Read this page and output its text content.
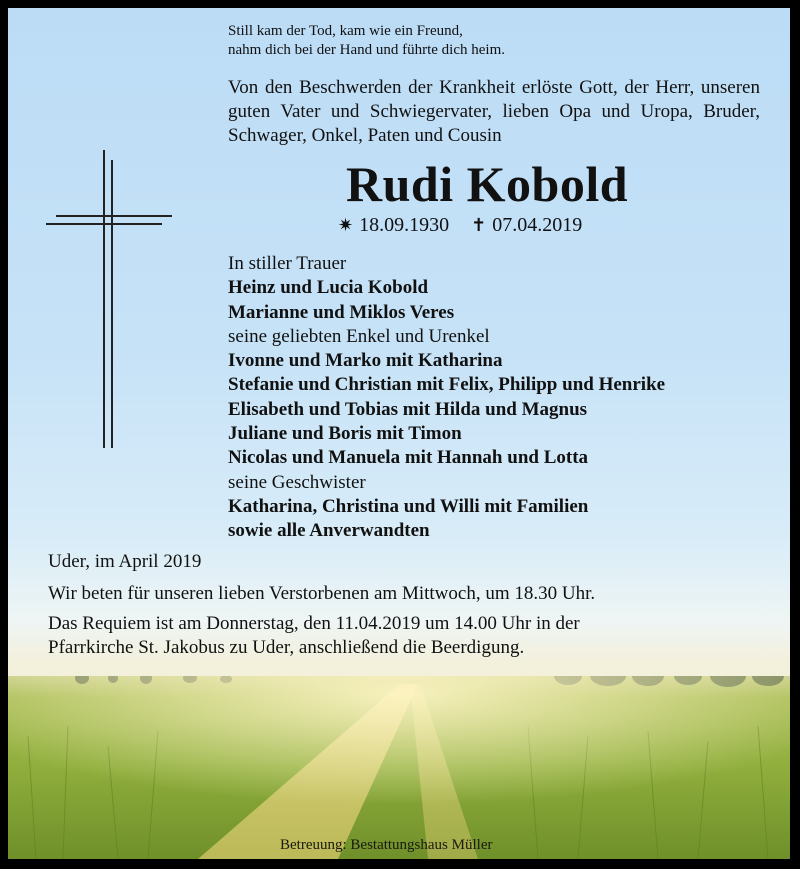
Still kam der Tod, kam wie ein Freund,
nahm dich bei der Hand und führte dich heim.
Von den Beschwerden der Krankheit erlöste Gott, der Herr, unseren
guten Vater und Schwiegervater, lieben Opa und Uropa, Bruder,
Schwager, Onkel, Paten und Cousin
Rudi Kobold
✷ 18.09.1930 ✝ 07.04.2019
In stiller Trauer
Heinz und Lucia Kobold
Marianne und Miklos Veres
seine geliebten Enkel und Urenkel
Ivonne und Marko mit Katharina
Stefanie und Christian mit Felix, Philipp und Henrike
Elisabeth und Tobias mit Hilda und Magnus
Juliane und Boris mit Timon
Nicolas und Manuela mit Hannah und Lotta
seine Geschwister
Katharina, Christina und Willi mit Familien
sowie alle Anverwandten
Uder, im April 2019
Wir beten für unseren lieben Verstorbenen am Mittwoch, um 18.30 Uhr.
Das Requiem ist am Donnerstag, den 11.04.2019 um 14.00 Uhr in der
Pfarrkirche St. Jakobus zu Uder, anschließend die Beerdigung.
Betreuung: Bestattungshaus Müller
